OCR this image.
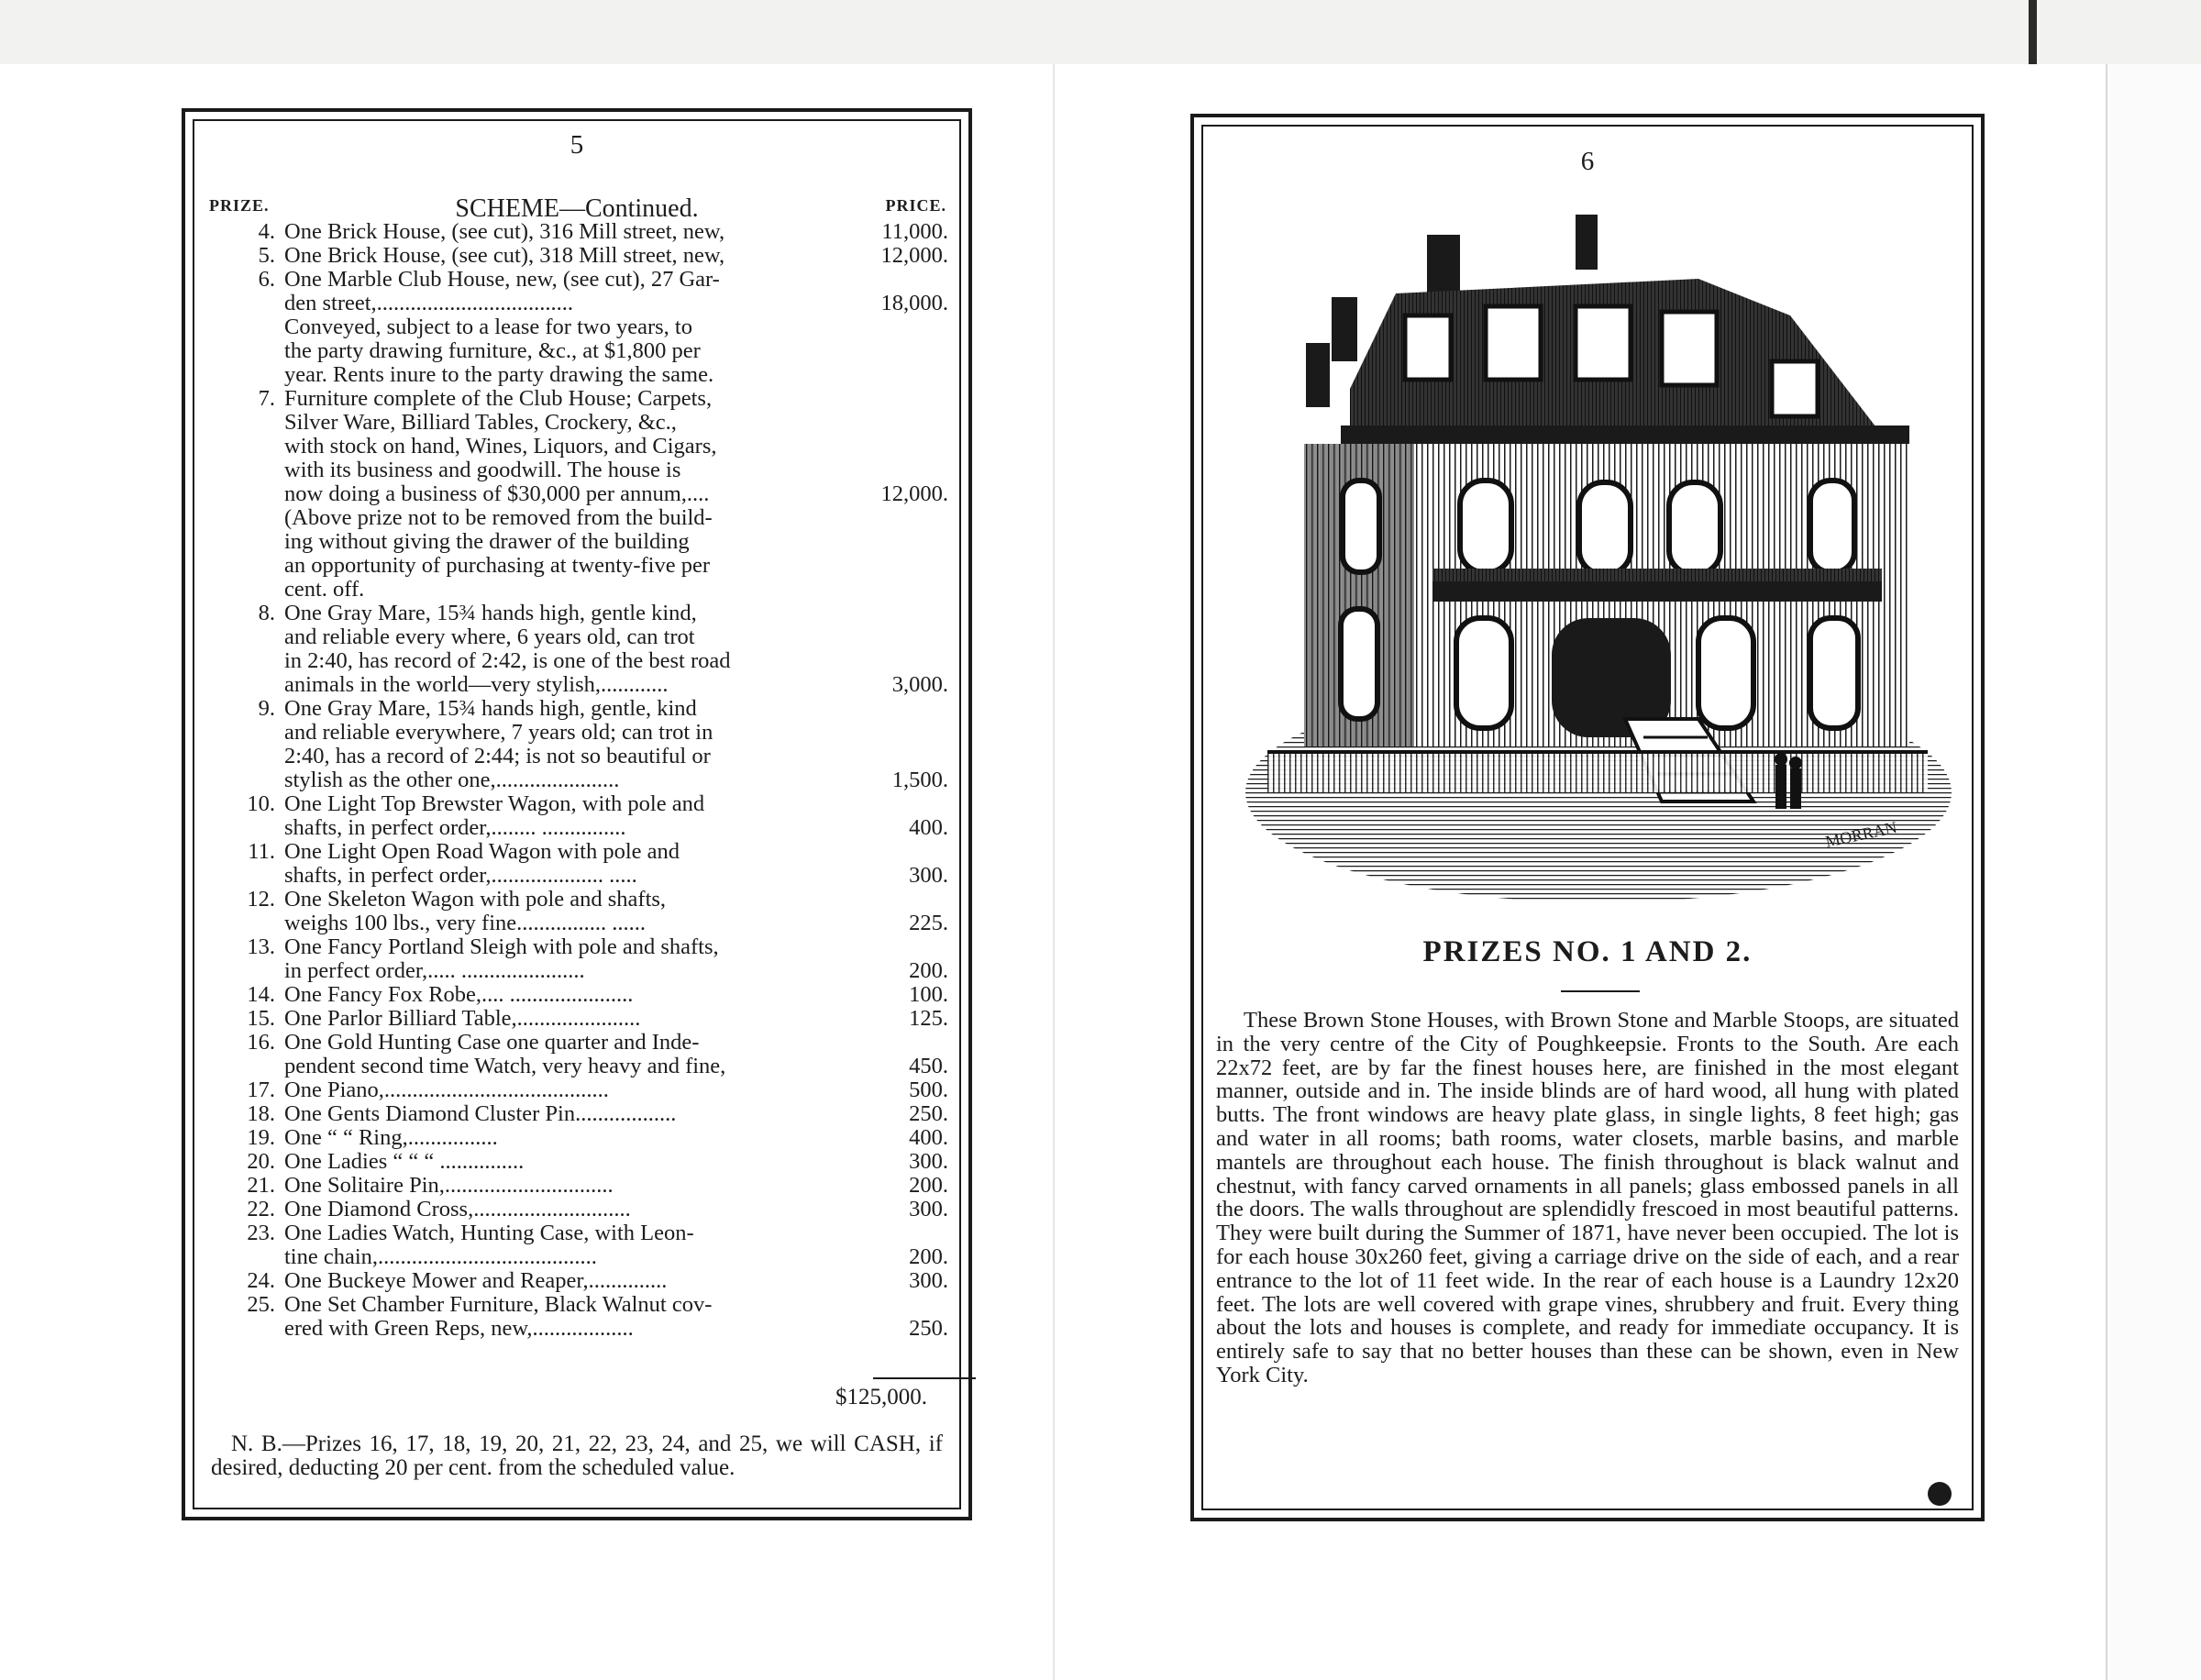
5
PRIZE.	SCHEME—Continued.	PRICE.
4. One Brick House, (see cut), 316 Mill street, new,	11,000.
5. One Brick House, (see cut), 318 Mill street, new,	12,000.
6. One Marble Club House, new, (see cut), 27 Gar-
den street,...................................	18,000.
Conveyed, subject to a lease for two years, to
the party drawing furniture, &c., at $1,800 per
year. Rents inure to the party drawing the same.
7. Furniture complete of the Club House; Carpets,
Silver Ware, Billiard Tables, Crockery, &c.,
with stock on hand, Wines, Liquors, and Cigars,
with its business and goodwill. The house is
now doing a business of $30,000 per annum,....	12,000.
(Above prize not to be removed from the build-
ing without giving the drawer of the building
an opportunity of purchasing at twenty-five per
cent. off.
8. One Gray Mare, 15¾ hands high, gentle kind,
and reliable every where, 6 years old, can trot
in 2:40, has record of 2:42, is one of the best road
animals in the world—very stylish,............	3,000.
9. One Gray Mare, 15¾ hands high, gentle, kind
and reliable everywhere, 7 years old; can trot in
2:40, has a record of 2:44; is not so beautiful or
stylish as the other one,......................	1,500.
10. One Light Top Brewster Wagon, with pole and
shafts, in perfect order,........ ...............	400.
11. One Light Open Road Wagon with pole and
shafts, in perfect order,.................... .....	300.
12. One Skeleton Wagon with pole and shafts,
weighs 100 lbs., very fine................ ......	225.
13. One Fancy Portland Sleigh with pole and shafts,
in perfect order,..... ......................	200.
14. One Fancy Fox Robe,.... ......................	100.
15. One Parlor Billiard Table,......................	125.
16. One Gold Hunting Case one quarter and Inde-
pendent second time Watch, very heavy and fine,	450.
17. One Piano,........................................	500.
18. One Gents Diamond Cluster Pin..................	250.
19. One “ “ Ring,................	400.
20. One Ladies “ “ “ ...............	300.
21. One Solitaire Pin,..............................	200.
22. One Diamond Cross,............................	300.
23. One Ladies Watch, Hunting Case, with Leon-
tine chain,.......................................	200.
24. One Buckeye Mower and Reaper,..............	300.
25. One Set Chamber Furniture, Black Walnut cov-
ered with Green Reps, new,..................	250.
$125,000.
N. B.—Prizes 16, 17, 18, 19, 20, 21, 22, 23, 24, and 25, we will CASH, if desired, deducting 20 per cent. from the scheduled value.
6
MORRAN
PRIZES NO. 1 AND 2.
These Brown Stone Houses, with Brown Stone and Marble Stoops, are situated in the very centre of the City of Poughkeepsie. Fronts to the South. Are each 22x72 feet, are by far the finest houses here, are finished in the most elegant manner, outside and in. The inside blinds are of hard wood, all hung with plated butts. The front windows are heavy plate glass, in single lights, 8 feet high; gas and water in all rooms; bath rooms, water closets, marble basins, and marble mantels are throughout each house. The finish throughout is black walnut and chestnut, with fancy carved ornaments in all panels; glass embossed panels in all the doors. The walls throughout are splendidly frescoed in most beautiful patterns. They were built during the Summer of 1871, have never been occupied. The lot is for each house 30x260 feet, giving a carriage drive on the side of each, and a rear entrance to the lot of 11 feet wide. In the rear of each house is a Laundry 12x20 feet. The lots are well covered with grape vines, shrubbery and fruit. Every thing about the lots and houses is complete, and ready for immediate occupancy. It is entirely safe to say that no better houses than these can be shown, even in New York City.
